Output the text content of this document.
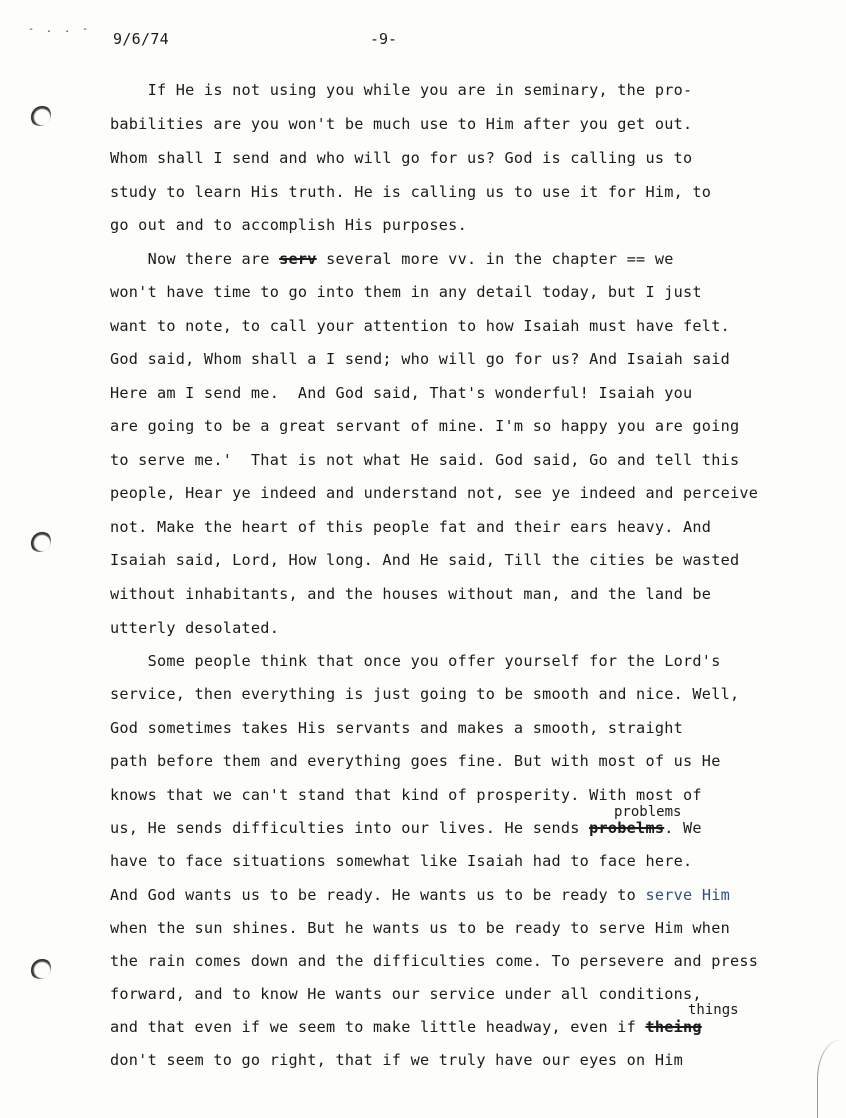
- . . -
9/6/74	-9-
If He is not using you while you are in seminary, the pro-
babilities are you won't be much use to Him after you get out.
Whom shall I send and who will go for us? God is calling us to
study to learn His truth. He is calling us to use it for Him, to
go out and to accomplish His purposes.
Now there are serv several more vv. in the chapter == we
won't have time to go into them in any detail today, but I just
want to note, to call your attention to how Isaiah must have felt.
God said, Whom shall a I send; who will go for us? And Isaiah said
Here am I send me.  And God said, That's wonderful! Isaiah you
are going to be a great servant of mine. I'm so happy you are going
to serve me.'  That is not what He said. God said, Go and tell this
people, Hear ye indeed and understand not, see ye indeed and perceive
not. Make the heart of this people fat and their ears heavy. And
Isaiah said, Lord, How long. And He said, Till the cities be wasted
without inhabitants, and the houses without man, and the land be
utterly desolated.
Some people think that once you offer yourself for the Lord's
service, then everything is just going to be smooth and nice. Well,
God sometimes takes His servants and makes a smooth, straight
path before them and everything goes fine. But with most of us He
knows that we can't stand that kind of prosperity. With most of
problems
us, He sends difficulties into our lives. He sends probelms. We
have to face situations somewhat like Isaiah had to face here.
And God wants us to be ready. He wants us to be ready to serve Him
when the sun shines. But he wants us to be ready to serve Him when
the rain comes down and the difficulties come. To persevere and press
forward, and to know He wants our service under all conditions,
things
and that even if we seem to make little headway, even if theing
don't seem to go right, that if we truly have our eyes on Him
